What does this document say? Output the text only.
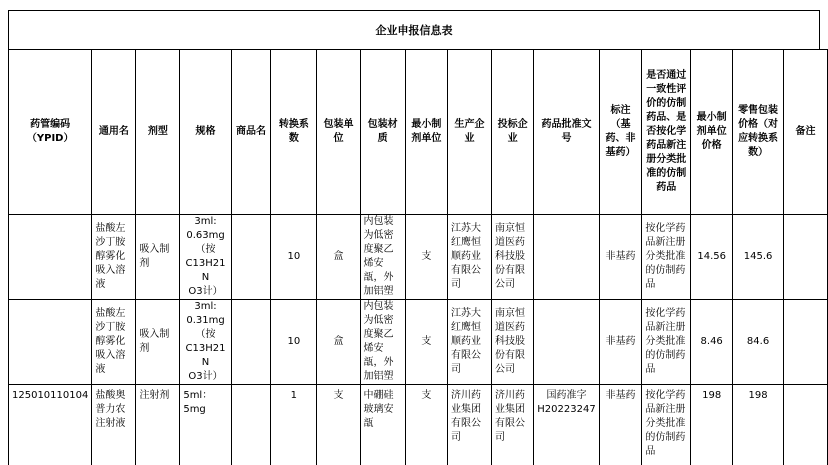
企业申报信息表
药管编码（YPID）	通用名	剂型	规格	商品名	转换系数	包装单位	包装材质	最小制剂单位	生产企业	投标企业	药品批准文号	标注（基药、非基药）	是否通过一致性评价的仿制药品、是否按化学药品新注册分类批准的仿制药品	最小制剂单位价格	零售包装价格（对应转换系数）	备注
	盐酸左沙丁胺醇雾化吸入溶液	吸入制剂	3ml:
0.63mg
（按
C13H21N
O3计）		10	盒	内包装为低密度聚乙烯安瓿，外加铝塑	支	江苏大红鹰恒顺药业有限公司	南京恒道医药科技股份有限公司		非基药	按化学药品新注册分类批准的仿制药品	14.56	145.6	
	盐酸左沙丁胺醇雾化吸入溶液	吸入制剂	3ml:
0.31mg
（按
C13H21N
O3计）		10	盒	内包装为低密度聚乙烯安瓿，外加铝塑	支	江苏大红鹰恒顺药业有限公司	南京恒道医药科技股份有限公司		非基药	按化学药品新注册分类批准的仿制药品	8.46	84.6	
125010110104	盐酸奥普力农注射液	注射剂	5ml：
5mg		1	支	中硼硅玻璃安瓿	支	济川药业集团有限公司	济川药业集团有限公司	国药准字H20223247	非基药	按化学药品新注册分类批准的仿制药品	198	198	
